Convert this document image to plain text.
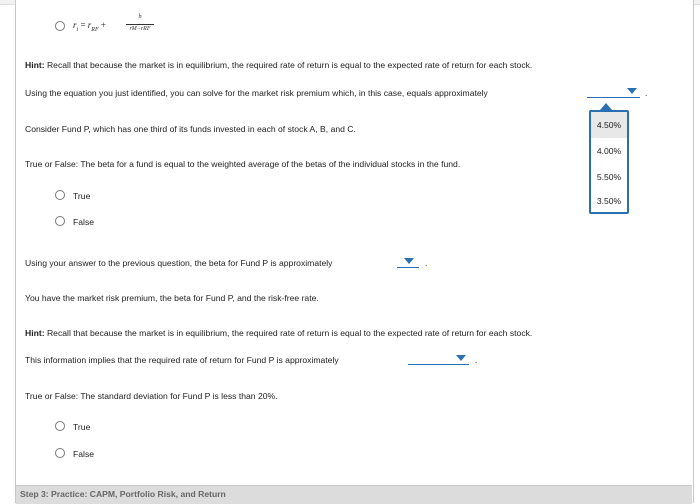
$r_i = r_{RF}$ +
b
rM−rRF
Hint: Recall that because the market is in equilibrium, the required rate of return is equal to the expected rate of return for each stock.
Using the equation you just identified, you can solve for the market risk premium which, in this case, equals approximately	.
4.50%
4.00%
5.50%
3.50%
Consider Fund P, which has one third of its funds invested in each of stock A, B, and C.
True or False: The beta for a fund is equal to the weighted average of the betas of the individual stocks in the fund.
True
False
Using your answer to the previous question, the beta for Fund P is approximately	.
You have the market risk premium, the beta for Fund P, and the risk-free rate.
Hint: Recall that because the market is in equilibrium, the required rate of return is equal to the expected rate of return for each stock.
This information implies that the required rate of return for Fund P is approximately	.
True or False: The standard deviation for Fund P is less than 20%.
True
False
Step 3: Practice: CAPM, Portfolio Risk, and Return
